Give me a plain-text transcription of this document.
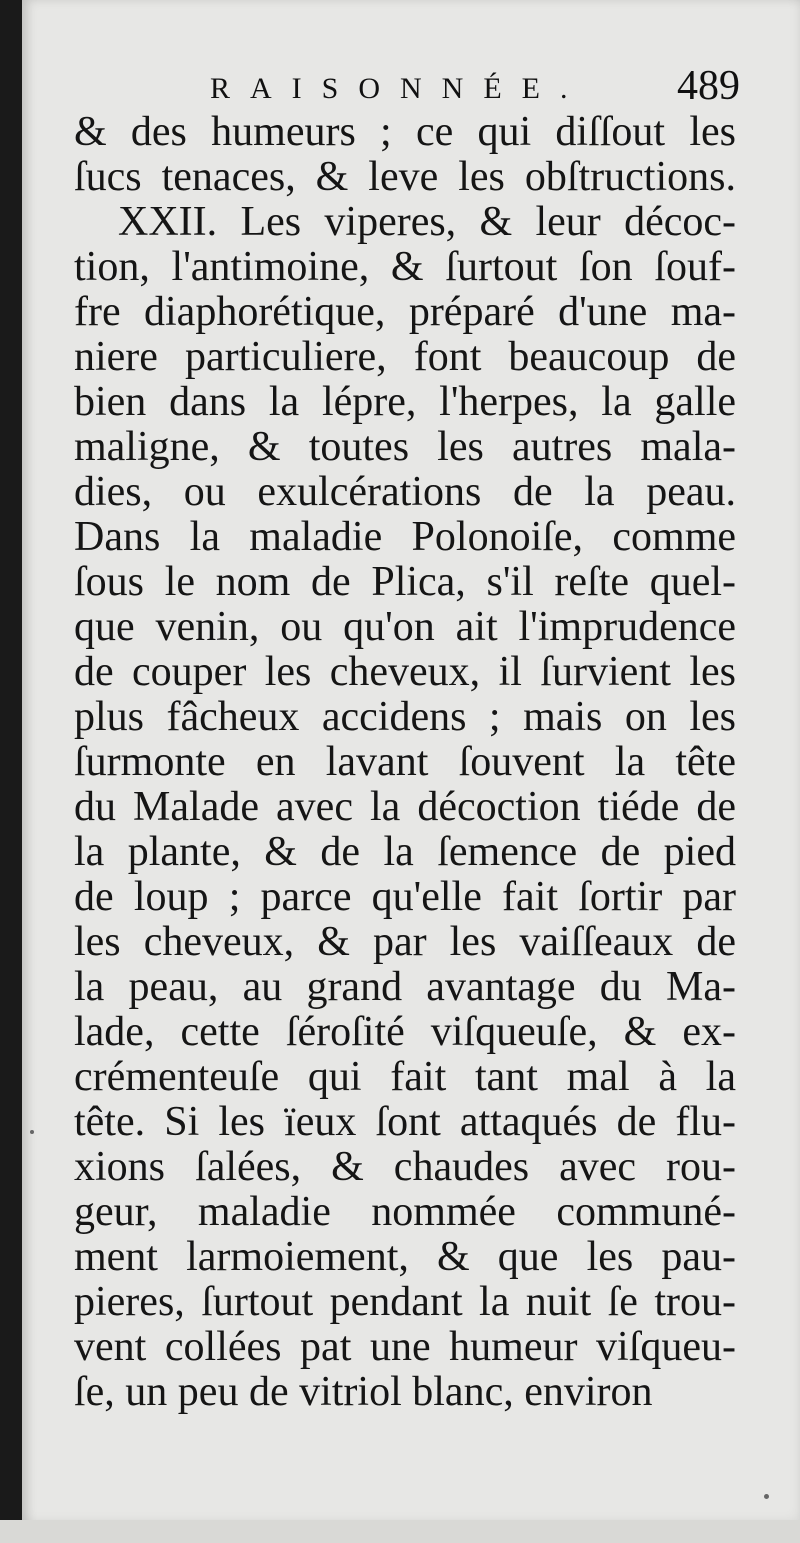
RAISONNÉE. 489
& des humeurs ; ce qui diſſout les
ſucs tenaces, & leve les obſtructions.
XXII. Les viperes, & leur décoc-
tion, l'antimoine, & ſurtout ſon ſouf-
fre diaphorétique, préparé d'une ma-
niere particuliere, font beaucoup de
bien dans la lépre, l'herpes, la galle
maligne, & toutes les autres mala-
dies, ou exulcérations de la peau.
Dans la maladie Polonoiſe, comme
ſous le nom de Plica, s'il reſte quel-
que venin, ou qu'on ait l'imprudence
de couper les cheveux, il ſurvient les
plus fâcheux accidens ; mais on les
ſurmonte en lavant ſouvent la tête
du Malade avec la décoction tiéde de
la plante, & de la ſemence de pied
de loup ; parce qu'elle fait ſortir par
les cheveux, & par les vaiſſeaux de
la peau, au grand avantage du Ma-
lade, cette ſéroſité viſqueuſe, & ex-
crémenteuſe qui fait tant mal à la
tête. Si les ïeux ſont attaqués de flu-
xions ſalées, & chaudes avec rou-
geur, maladie nommée communé-
ment larmoiement, & que les pau-
pieres, ſurtout pendant la nuit ſe trou-
vent collées pat une humeur viſqueu-
ſe, un peu de vitriol blanc, environ
